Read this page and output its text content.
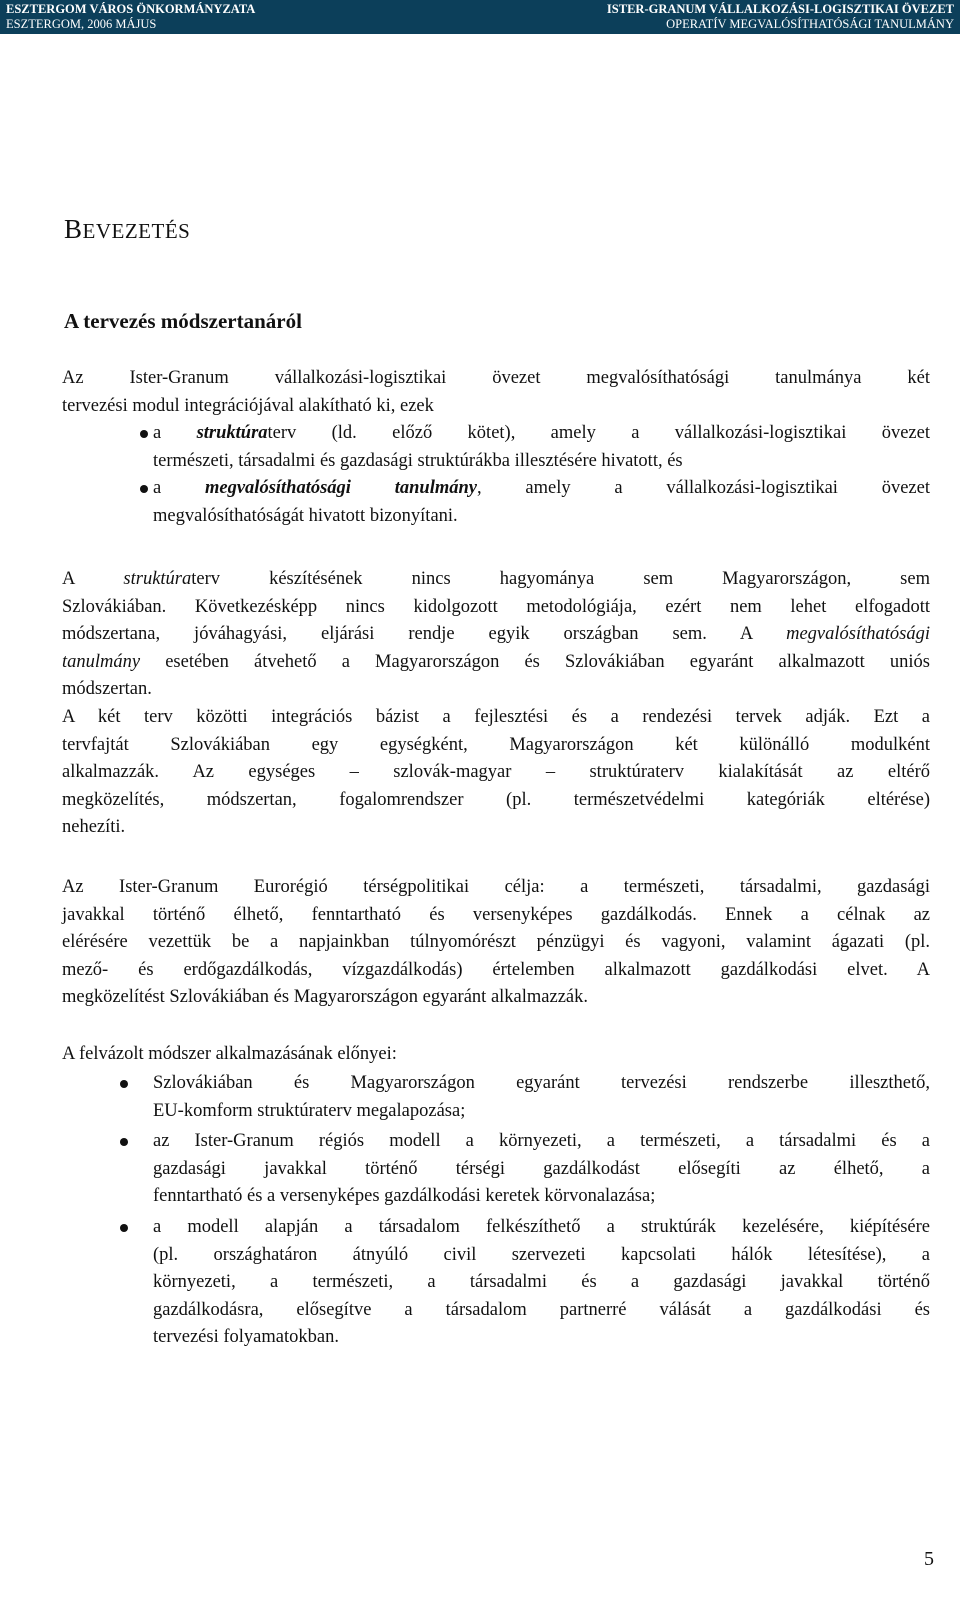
ESZTERGOM VÁROS ÖNKORMÁNYZATA	ISTER-GRANUM VÁLLALKOZÁSI-LOGISZTIKAI ÖVEZET
ESZTERGOM, 2006 MÁJUS	OPERATÍV MEGVALÓSÍTHATÓSÁGI TANULMÁNY
BEVEZETÉS
A tervezés módszertanáról
Az Ister-Granum vállalkozási-logisztikai övezet megvalósíthatósági tanulmánya két
tervezési modul integrációjával alakítható ki, ezek
a struktúraterv (ld. előző kötet), amely a vállalkozási-logisztikai övezet
természeti, társadalmi és gazdasági struktúrákba illesztésére hivatott, és
a megvalósíthatósági tanulmány, amely a vállalkozási-logisztikai övezet
megvalósíthatóságát hivatott bizonyítani.
A struktúraterv készítésének nincs hagyománya sem Magyarországon, sem
Szlovákiában. Következésképp nincs kidolgozott metodológiája, ezért nem lehet elfogadott
módszertana, jóváhagyási, eljárási rendje egyik országban sem. A megvalósíthatósági
tanulmány esetében átvehető a Magyarországon és Szlovákiában egyaránt alkalmazott uniós
módszertan.
A két terv közötti integrációs bázist a fejlesztési és a rendezési tervek adják. Ezt a
tervfajtát Szlovákiában egy egységként, Magyarországon két különálló modulként
alkalmazzák. Az egységes – szlovák-magyar – struktúraterv kialakítását az eltérő
megközelítés, módszertan, fogalomrendszer (pl. természetvédelmi kategóriák eltérése)
nehezíti.
Az Ister-Granum Eurorégió térségpolitikai célja: a természeti, társadalmi, gazdasági
javakkal történő élhető, fenntartható és versenyképes gazdálkodás. Ennek a célnak az
elérésére vezettük be a napjainkban túlnyomórészt pénzügyi és vagyoni, valamint ágazati (pl.
mező- és erdőgazdálkodás, vízgazdálkodás) értelemben alkalmazott gazdálkodási elvet. A
megközelítést Szlovákiában és Magyarországon egyaránt alkalmazzák.
A felvázolt módszer alkalmazásának előnyei:
Szlovákiában és Magyarországon egyaránt tervezési rendszerbe illeszthető,
EU-komform struktúraterv megalapozása;
az Ister-Granum régiós modell a környezeti, a természeti, a társadalmi és a
gazdasági javakkal történő térségi gazdálkodást elősegíti az élhető, a
fenntartható és a versenyképes gazdálkodási keretek körvonalazása;
a modell alapján a társadalom felkészíthető a struktúrák kezelésére, kiépítésére
(pl. országhatáron átnyúló civil szervezeti kapcsolati hálók létesítése), a
környezeti, a természeti, a társadalmi és a gazdasági javakkal történő
gazdálkodásra, elősegítve a társadalom partnerré válását a gazdálkodási és
tervezési folyamatokban.
5
